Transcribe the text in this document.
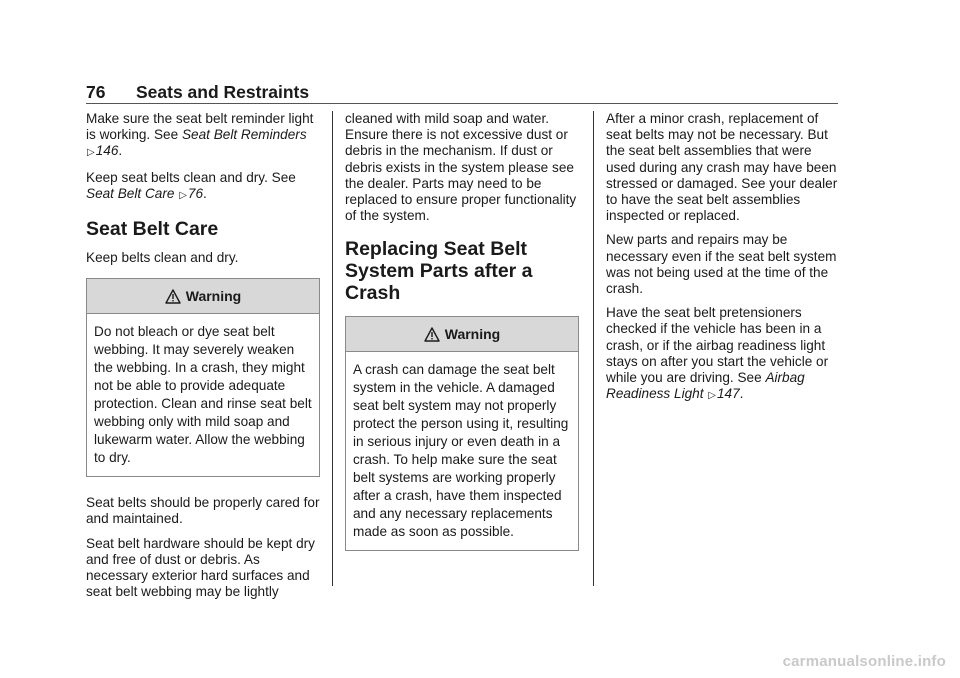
76 Seats and Restraints

Make sure the seat belt reminder light is working. See Seat Belt Reminders ▷146.

Keep seat belts clean and dry. See Seat Belt Care ▷76.

Seat Belt Care

Keep belts clean and dry.

Warning
Do not bleach or dye seat belt webbing. It may severely weaken the webbing. In a crash, they might not be able to provide adequate protection. Clean and rinse seat belt webbing only with mild soap and lukewarm water. Allow the webbing to dry.

Seat belts should be properly cared for and maintained.

Seat belt hardware should be kept dry and free of dust or debris. As necessary exterior hard surfaces and seat belt webbing may be lightly

cleaned with mild soap and water. Ensure there is not excessive dust or debris in the mechanism. If dust or debris exists in the system please see the dealer. Parts may need to be replaced to ensure proper functionality of the system.

Replacing Seat Belt System Parts after a Crash
Warning
A crash can damage the seat belt system in the vehicle. A damaged seat belt system may not properly protect the person using it, resulting in serious injury or even death in a crash. To help make sure the seat belt systems are working properly after a crash, have them inspected and any necessary replacements made as soon as possible.

After a minor crash, replacement of seat belts may not be necessary. But the seat belt assemblies that were used during any crash may have been stressed or damaged. See your dealer to have the seat belt assemblies inspected or replaced.

New parts and repairs may be necessary even if the seat belt system was not being used at the time of the crash.

Have the seat belt pretensioners checked if the vehicle has been in a crash, or if the airbag readiness light stays on after you start the vehicle or while you are driving. See Airbag Readiness Light ▷147.

carmanualsonline.info
